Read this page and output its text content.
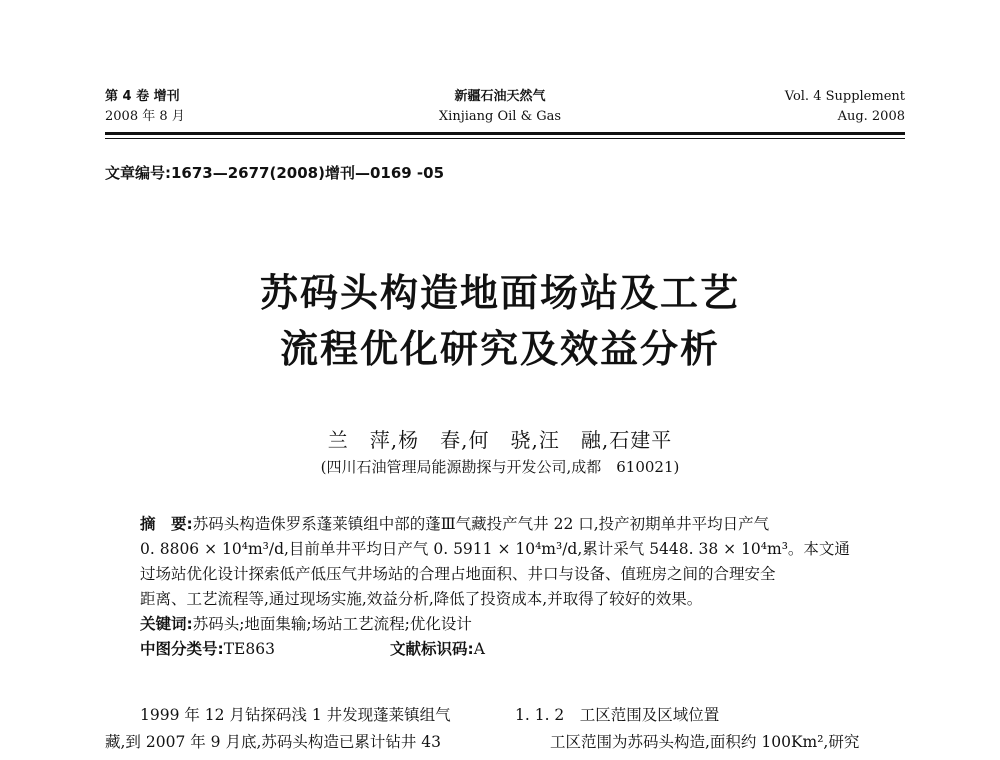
第 4 卷 增刊
2008 年 8 月
新疆石油天然气
Xinjiang Oil & Gas
Vol. 4 Supplement
Aug. 2008
文章编号:1673—2677(2008)增刊—0169 -05
苏码头构造地面场站及工艺
流程优化研究及效益分析
兰　萍,杨　春,何　骁,汪　融,石建平
(四川石油管理局能源勘探与开发公司,成都　610021)
摘　要:苏码头构造侏罗系蓬莱镇组中部的蓬Ⅲ气藏投产气井 22 口,投产初期单井平均日产气
0. 8806 × 10⁴m³/d,目前单井平均日产气 0. 5911 × 10⁴m³/d,累计采气 5448. 38 × 10⁴m³。本文通
过场站优化设计探索低产低压气井场站的合理占地面积、井口与设备、值班房之间的合理安全
距离、工艺流程等,通过现场实施,效益分析,降低了投资成本,并取得了较好的效果。
关键词:苏码头;地面集输;场站工艺流程;优化设计
中图分类号:TE863	文献标识码:A
1999 年 12 月钻探码浅 1 井发现蓬莱镇组气
藏,到 2007 年 9 月底,苏码头构造已累计钻井 43
1. 1. 2　工区范围及区域位置
工区范围为苏码头构造,面积约 100Km²,研究
